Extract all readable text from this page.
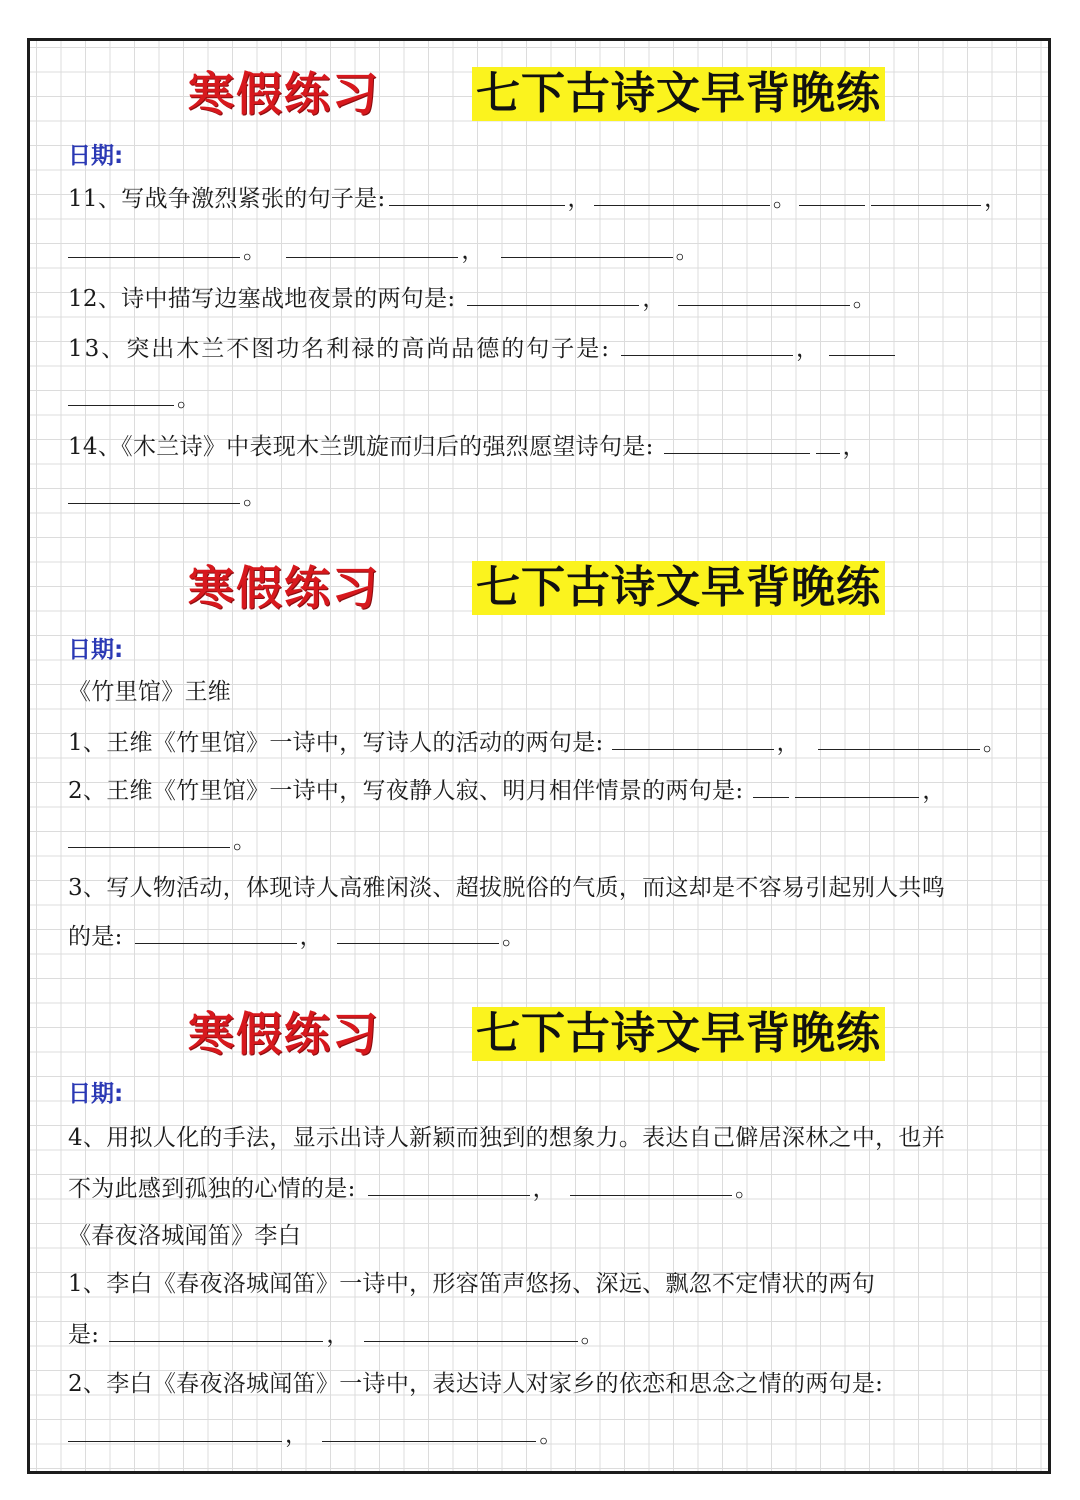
寒假练习 七下古诗文早背晚练
日期:
11、写战争激烈紧张的句子是:	，	。	，
。	，	。
12、诗中描写边塞战地夜景的两句是:	，	。
13、突出木兰不图功名利禄的高尚品德的句子是:	，
。
14、《木兰诗》中表现木兰凯旋而归后的强烈愿望诗句是:	，
。
寒假练习 七下古诗文早背晚练
日期:
《竹里馆》王维
1、王维《竹里馆》一诗中，写诗人的活动的两句是:	，	。
2、王维《竹里馆》一诗中，写夜静人寂、明月相伴情景的两句是:	，
。
3、写人物活动，体现诗人高雅闲淡、超拔脱俗的气质，而这却是不容易引起别人共鸣
的是:	，	。
寒假练习 七下古诗文早背晚练
日期:
4、用拟人化的手法，显示出诗人新颖而独到的想象力。表达自己僻居深林之中，也并
不为此感到孤独的心情的是:	，	。
《春夜洛城闻笛》李白
1、李白《春夜洛城闻笛》一诗中，形容笛声悠扬、深远、飘忽不定情状的两句
是:	，	。
2、李白《春夜洛城闻笛》一诗中，表达诗人对家乡的依恋和思念之情的两句是:
，	。
